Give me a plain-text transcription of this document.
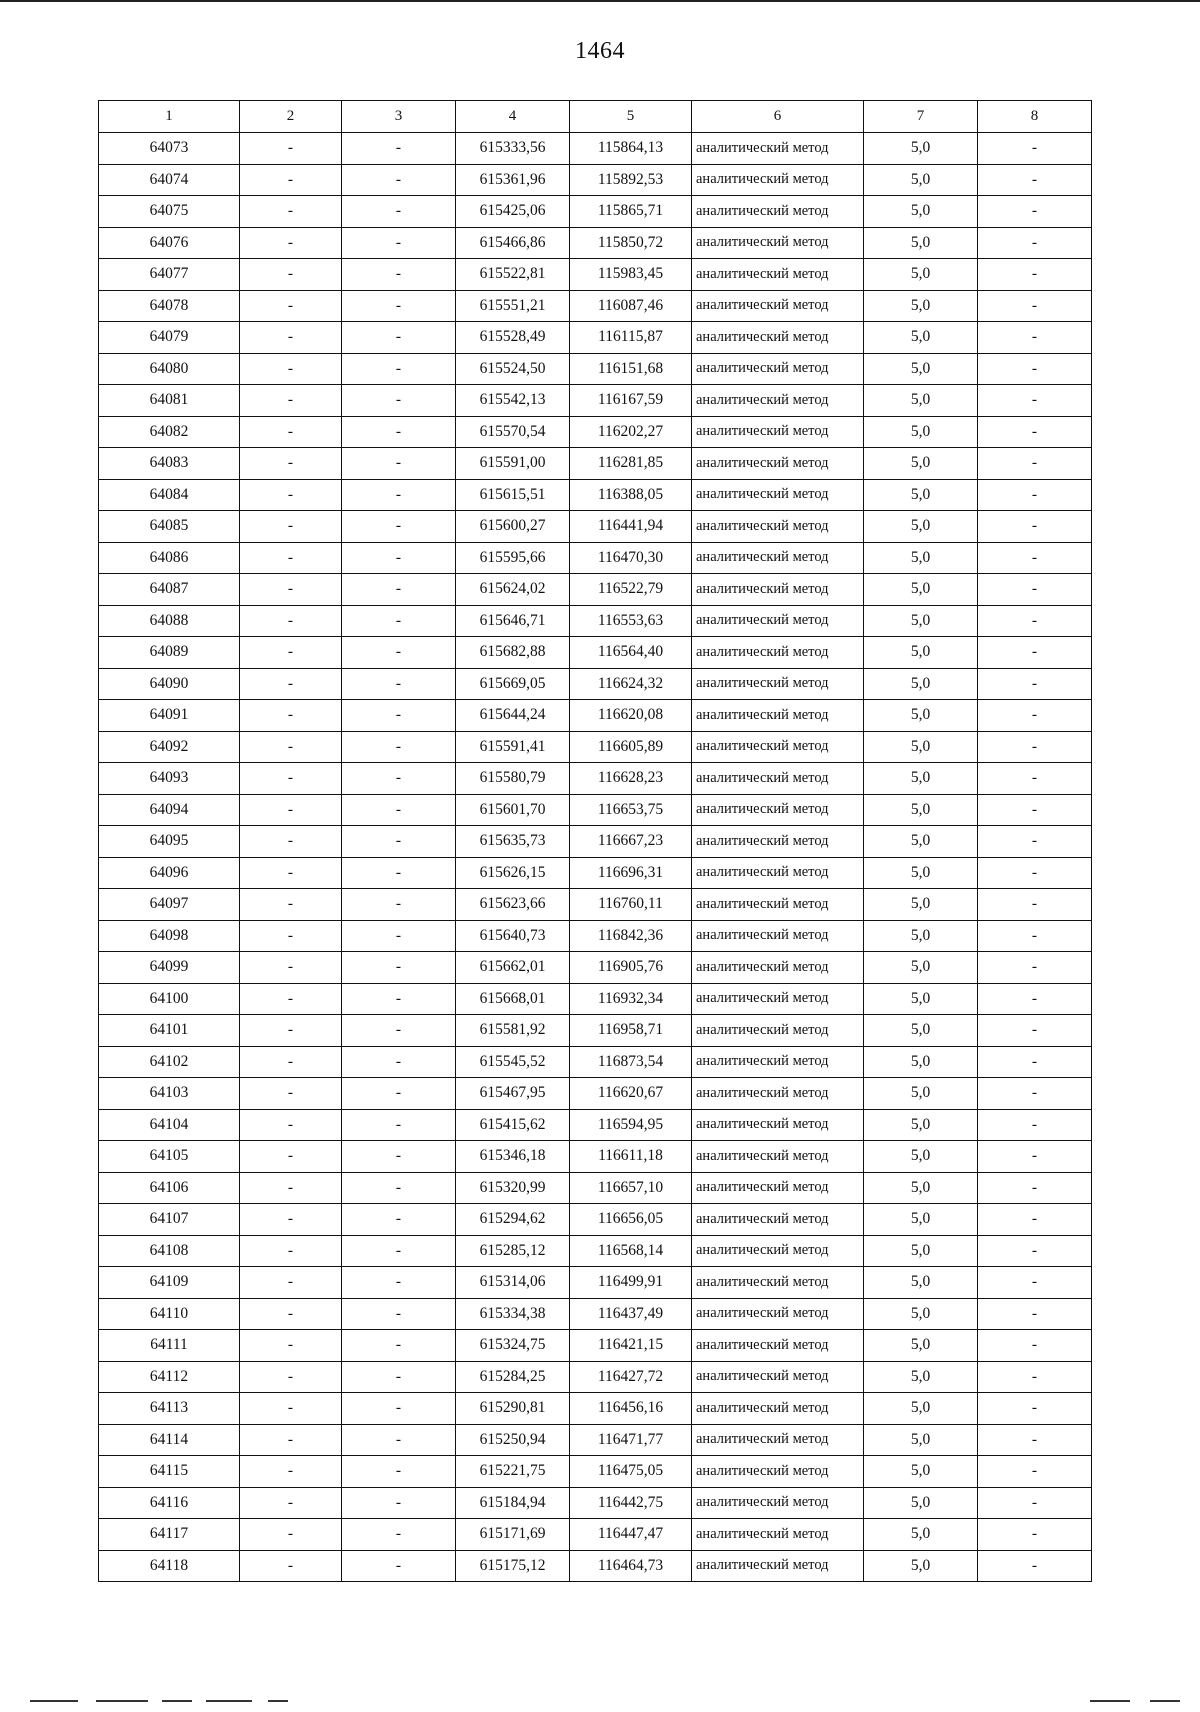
1464
1	2	3	4	5	6	7	8
64073	-	-	615333,56	115864,13	аналитический метод	5,0	-
64074	-	-	615361,96	115892,53	аналитический метод	5,0	-
64075	-	-	615425,06	115865,71	аналитический метод	5,0	-
64076	-	-	615466,86	115850,72	аналитический метод	5,0	-
64077	-	-	615522,81	115983,45	аналитический метод	5,0	-
64078	-	-	615551,21	116087,46	аналитический метод	5,0	-
64079	-	-	615528,49	116115,87	аналитический метод	5,0	-
64080	-	-	615524,50	116151,68	аналитический метод	5,0	-
64081	-	-	615542,13	116167,59	аналитический метод	5,0	-
64082	-	-	615570,54	116202,27	аналитический метод	5,0	-
64083	-	-	615591,00	116281,85	аналитический метод	5,0	-
64084	-	-	615615,51	116388,05	аналитический метод	5,0	-
64085	-	-	615600,27	116441,94	аналитический метод	5,0	-
64086	-	-	615595,66	116470,30	аналитический метод	5,0	-
64087	-	-	615624,02	116522,79	аналитический метод	5,0	-
64088	-	-	615646,71	116553,63	аналитический метод	5,0	-
64089	-	-	615682,88	116564,40	аналитический метод	5,0	-
64090	-	-	615669,05	116624,32	аналитический метод	5,0	-
64091	-	-	615644,24	116620,08	аналитический метод	5,0	-
64092	-	-	615591,41	116605,89	аналитический метод	5,0	-
64093	-	-	615580,79	116628,23	аналитический метод	5,0	-
64094	-	-	615601,70	116653,75	аналитический метод	5,0	-
64095	-	-	615635,73	116667,23	аналитический метод	5,0	-
64096	-	-	615626,15	116696,31	аналитический метод	5,0	-
64097	-	-	615623,66	116760,11	аналитический метод	5,0	-
64098	-	-	615640,73	116842,36	аналитический метод	5,0	-
64099	-	-	615662,01	116905,76	аналитический метод	5,0	-
64100	-	-	615668,01	116932,34	аналитический метод	5,0	-
64101	-	-	615581,92	116958,71	аналитический метод	5,0	-
64102	-	-	615545,52	116873,54	аналитический метод	5,0	-
64103	-	-	615467,95	116620,67	аналитический метод	5,0	-
64104	-	-	615415,62	116594,95	аналитический метод	5,0	-
64105	-	-	615346,18	116611,18	аналитический метод	5,0	-
64106	-	-	615320,99	116657,10	аналитический метод	5,0	-
64107	-	-	615294,62	116656,05	аналитический метод	5,0	-
64108	-	-	615285,12	116568,14	аналитический метод	5,0	-
64109	-	-	615314,06	116499,91	аналитический метод	5,0	-
64110	-	-	615334,38	116437,49	аналитический метод	5,0	-
64111	-	-	615324,75	116421,15	аналитический метод	5,0	-
64112	-	-	615284,25	116427,72	аналитический метод	5,0	-
64113	-	-	615290,81	116456,16	аналитический метод	5,0	-
64114	-	-	615250,94	116471,77	аналитический метод	5,0	-
64115	-	-	615221,75	116475,05	аналитический метод	5,0	-
64116	-	-	615184,94	116442,75	аналитический метод	5,0	-
64117	-	-	615171,69	116447,47	аналитический метод	5,0	-
64118	-	-	615175,12	116464,73	аналитический метод	5,0	-
